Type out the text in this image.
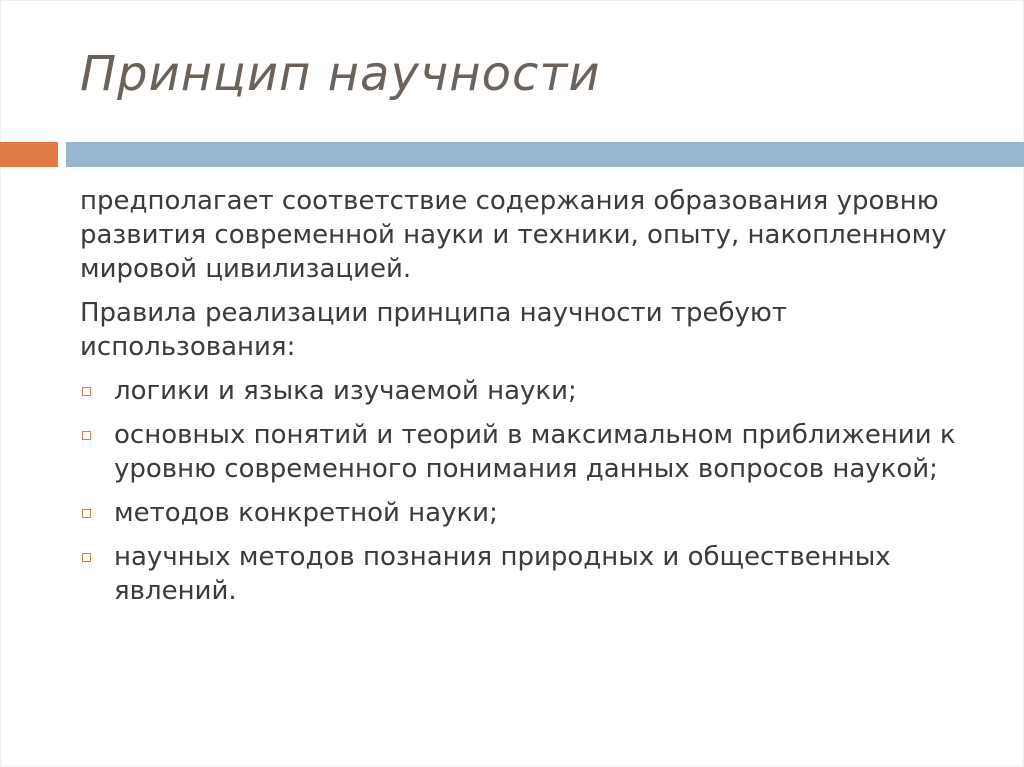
Принцип научности

предполагает соответствие содержания образования уровню развития современной науки и техники, опыту, накопленному мировой цивилизацией.

Правила реализации принципа научности требуют использования:

логики и языка изучаемой науки;
основных понятий и теорий в максимальном приближении к уровню современного понимания данных вопросов наукой;
методов конкретной науки;
научных методов познания природных и общественных явлений.
